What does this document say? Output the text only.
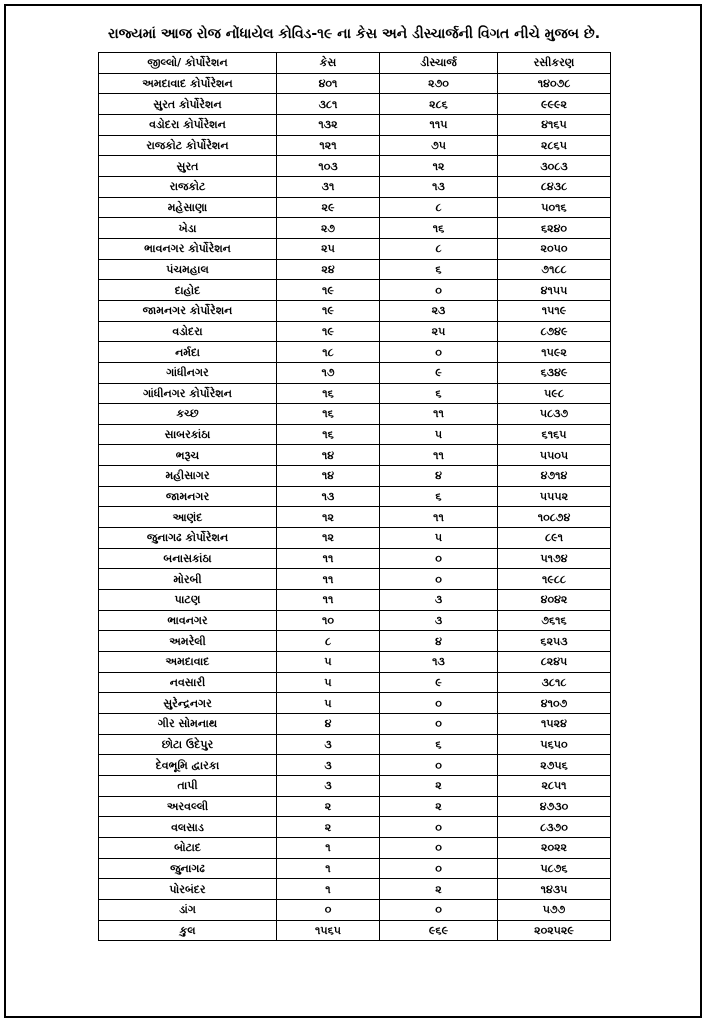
રાજ્યમાં આજ રોજ નોંધાયેલ કોવિડ-૧૯ ના કેસ અને ડીસ્ચાર્જની વિગત નીચે મુજબ છે.
જીલ્લો/ કોર્પોરેશન	કેસ	ડીસ્ચાર્જ	રસીકરણ
અમદાવાદ કોર્પોરેશન	૪૦૧	૨૭૦	૧૪૦૭૮
સુરત કોર્પોરેશન	૩૮૧	૨૮૬	૯૯૯૨
વડોદરા કોર્પોરેશન	૧૩૨	૧૧૫	૪૧૬૫
રાજકોટ કોર્પોરેશન	૧૨૧	૭૫	૨૮૬૫
સુરત	૧૦૩	૧૨	૩૦૮૩
રાજકોટ	૩૧	૧૩	૮૪૩૮
મહેસાણા	૨૯	૮	૫૦૧૬
ખેડા	૨૭	૧૬	૬૨૪૦
ભાવનગર કોર્પોરેશન	૨૫	૮	૨૦૫૦
પંચમહાલ	૨૪	૬	૭૧૮૮
દાહોદ	૧૯	૦	૪૧૫૫
જામનગર કોર્પોરેશન	૧૯	૨૩	૧૫૧૯
વડોદરા	૧૯	૨૫	૮૭૪૯
નર્મદા	૧૮	૦	૧૫૯૨
ગાંધીનગર	૧૭	૯	૬૩૪૯
ગાંધીનગર કોર્પોરેશન	૧૬	૬	૫૯૮
કચ્છ	૧૬	૧૧	૫૮૩૭
સાબરકાંઠા	૧૬	૫	૬૧૬૫
ભરૂચ	૧૪	૧૧	૫૫૦૫
મહીસાગર	૧૪	૪	૪૭૧૪
જામનગર	૧૩	૬	૫૫૫૨
આણંદ	૧૨	૧૧	૧૦૮૭૪
જુનાગઢ કોર્પોરેશન	૧૨	૫	૮૯૧
બનાસકાંઠા	૧૧	૦	૫૧૭૪
મોરબી	૧૧	૦	૧૯૮૮
પાટણ	૧૧	૩	૪૦૪૨
ભાવનગર	૧૦	૩	૭૬૧૬
અમરેલી	૮	૪	૬૨૫૩
અમદાવાદ	૫	૧૩	૮૨૪૫
નવસારી	૫	૯	૩૮૧૮
સુરેન્દ્રનગર	૫	૦	૪૧૦૭
ગીર સોમનાથ	૪	૦	૧૫૨૪
છોટા ઉદેપુર	૩	૬	૫૬૫૦
દેવભૂમિ દ્વારકા	૩	૦	૨૭૫૬
તાપી	૩	૨	૨૮૫૧
અરવલ્લી	૨	૨	૪૭૩૦
વલસાડ	૨	૦	૮૩૭૦
બોટાદ	૧	૦	૨૦૨૨
જુનાગઢ	૧	૦	૫૮૭૬
પોરબંદર	૧	૨	૧૪૩૫
ડાંગ	૦	૦	૫૭૭
કુલ	૧૫૬૫	૯૬૯	૨૦૨૫૨૯
